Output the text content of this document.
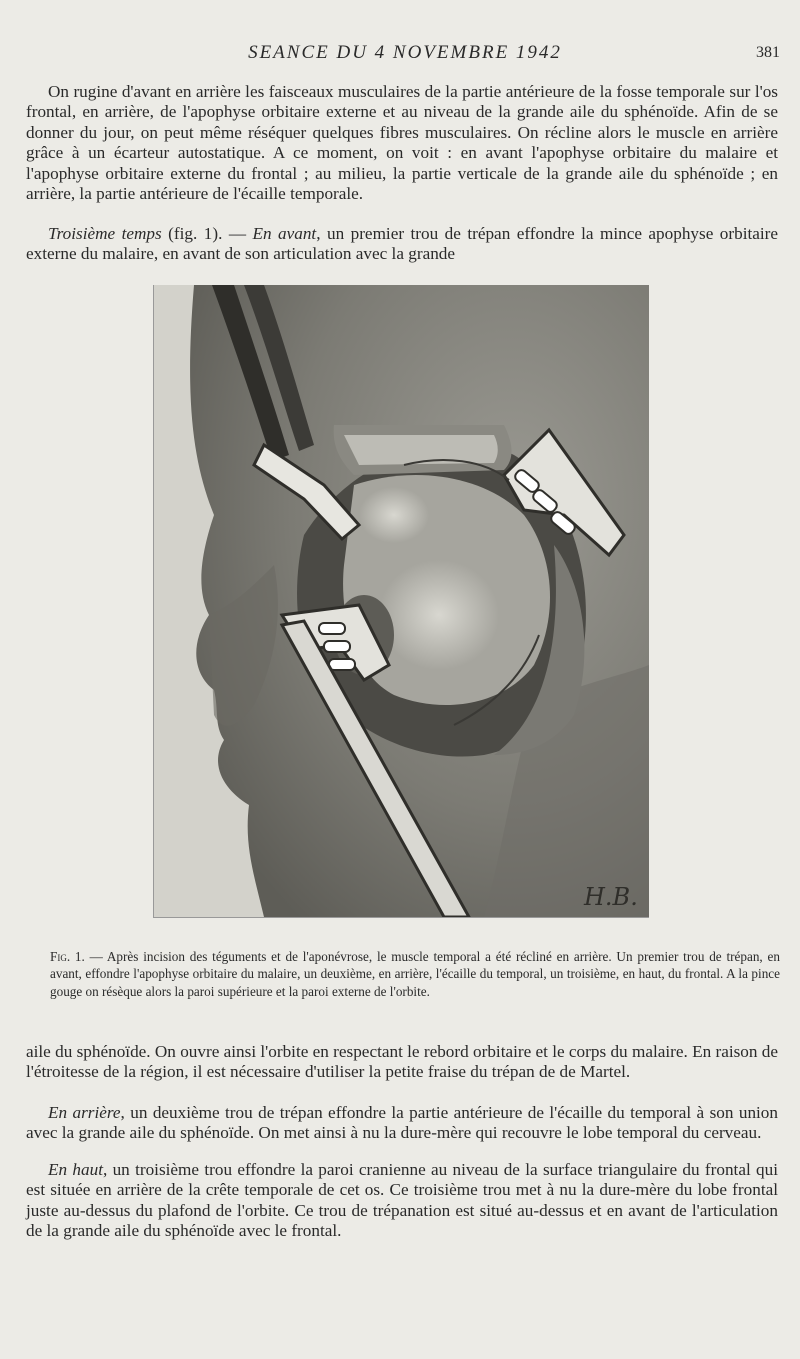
SEANCE DU 4 NOVEMBRE 1942	381

On rugine d'avant en arrière les faisceaux musculaires de la partie antérieure de la fosse temporale sur l'os frontal, en arrière, de l'apophyse orbitaire externe et au niveau de la grande aile du sphénoïde. Afin de se donner du jour, on peut même réséquer quelques fibres musculaires. On récline alors le muscle en arrière grâce à un écarteur autostatique. A ce moment, on voit : en avant l'apophyse orbitaire du malaire et l'apophyse orbitaire externe du frontal ; au milieu, la partie verticale de la grande aile du sphénoïde ; en arrière, la partie antérieure de l'écaille temporale.

Troisième temps (fig. 1). — En avant, un premier trou de trépan effondre la mince apophyse orbitaire externe du malaire, en avant de son articulation avec la grande

H.B.

Fig. 1. — Après incision des téguments et de l'aponévrose, le muscle temporal a été récliné en arrière. Un premier trou de trépan, en avant, effondre l'apophyse orbitaire du malaire, un deuxième, en arrière, l'écaille du temporal, un troisième, en haut, du frontal. A la pince gouge on résèque alors la paroi supérieure et la paroi externe de l'orbite.

aile du sphénoïde. On ouvre ainsi l'orbite en respectant le rebord orbitaire et le corps du malaire. En raison de l'étroitesse de la région, il est nécessaire d'utiliser la petite fraise du trépan de de Martel.

En arrière, un deuxième trou de trépan effondre la partie antérieure de l'écaille du temporal à son union avec la grande aile du sphénoïde. On met ainsi à nu la dure-mère qui recouvre le lobe temporal du cerveau.

En haut, un troisième trou effondre la paroi cranienne au niveau de la surface triangulaire du frontal qui est située en arrière de la crête temporale de cet os. Ce troisième trou met à nu la dure-mère du lobe frontal juste au-dessus du plafond de l'orbite. Ce trou de trépanation est situé au-dessus et en avant de l'articulation de la grande aile du sphénoïde avec le frontal.
